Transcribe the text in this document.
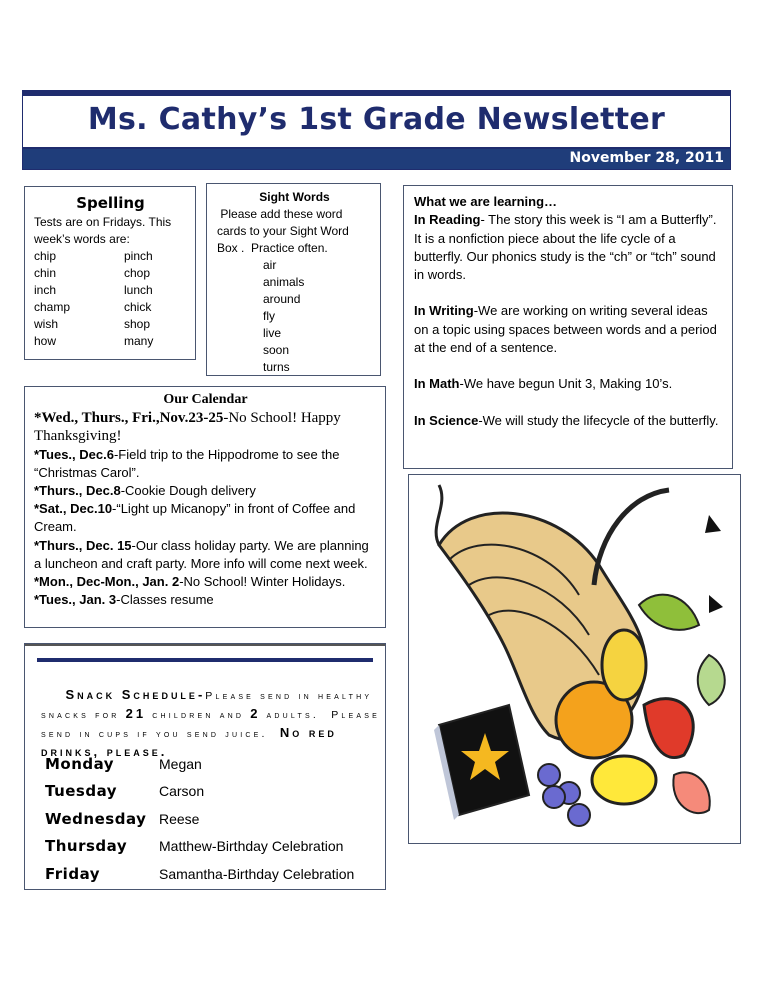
Ms. Cathy’s 1st Grade Newsletter
November 28, 2011
Spelling
Tests are on Fridays. This week’s words are:
chip	pinch
chin	chop
inch	lunch
champ	chick
wish	shop
how	many
Sight Words
Please add these word cards to your Sight Word Box .  Practice often.
air
animals
around
fly
live
soon
turns

What we are learning…

In Reading- The story this week is “I am a Butterfly”. It is a nonfiction piece about the life cycle of a butterfly. Our phonics study is the “ch” or “tch” sound in words.

In Writing-We are working on writing several ideas on a topic using spaces between words and a period at the end of a sentence.

In Math-We have begun Unit 3, Making 10’s.

In Science-We will study the lifecycle of the butterfly.

Our Calendar
*Wed., Thurs., Fri.,Nov.23-25-No School! Happy Thanksgiving!
*Tues., Dec.6-Field trip to the Hippodrome to see the “Christmas Carol”.
*Thurs., Dec.8-Cookie Dough delivery
*Sat., Dec.10-“Light up Micanopy” in front of Coffee and Cream.
*Thurs., Dec. 15-Our class holiday party. We are planning a luncheon and craft party. More info will come next week.
*Mon., Dec-Mon., Jan. 2-No School! Winter Holidays.
*Tues., Jan. 3-Classes resume

Snack Schedule-Please send in healthy snacks for 21 children and 2 adults.  Please send in cups if you send juice.  No red drinks, please.

Monday	Megan
Tuesday	Carson
Wednesday Reese
Thursday	Matthew-Birthday Celebration
Friday	Samantha-Birthday Celebration
